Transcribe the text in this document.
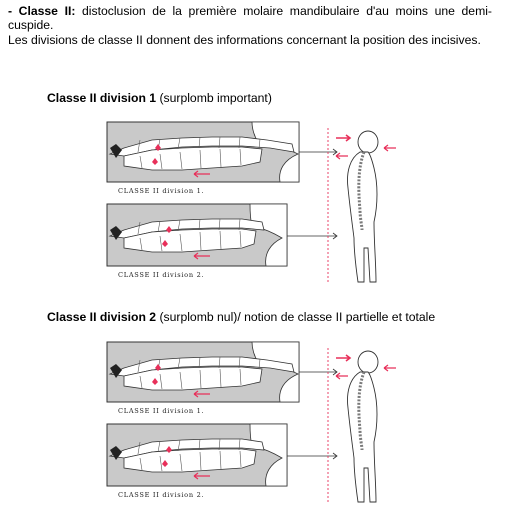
- Classe II: distoclusion de la première molaire mandibulaire d'au moins une demi-cuspide.
Les divisions de classe II donnent des informations concernant la position des incisives.
Classe II division 1 (surplomb important)
CLASSE II division 1.
CLASSE II division 2.
Classe II division 2 (surplomb nul)/ notion de classe II partielle et totale
CLASSE II division 1.
CLASSE II division 2.
